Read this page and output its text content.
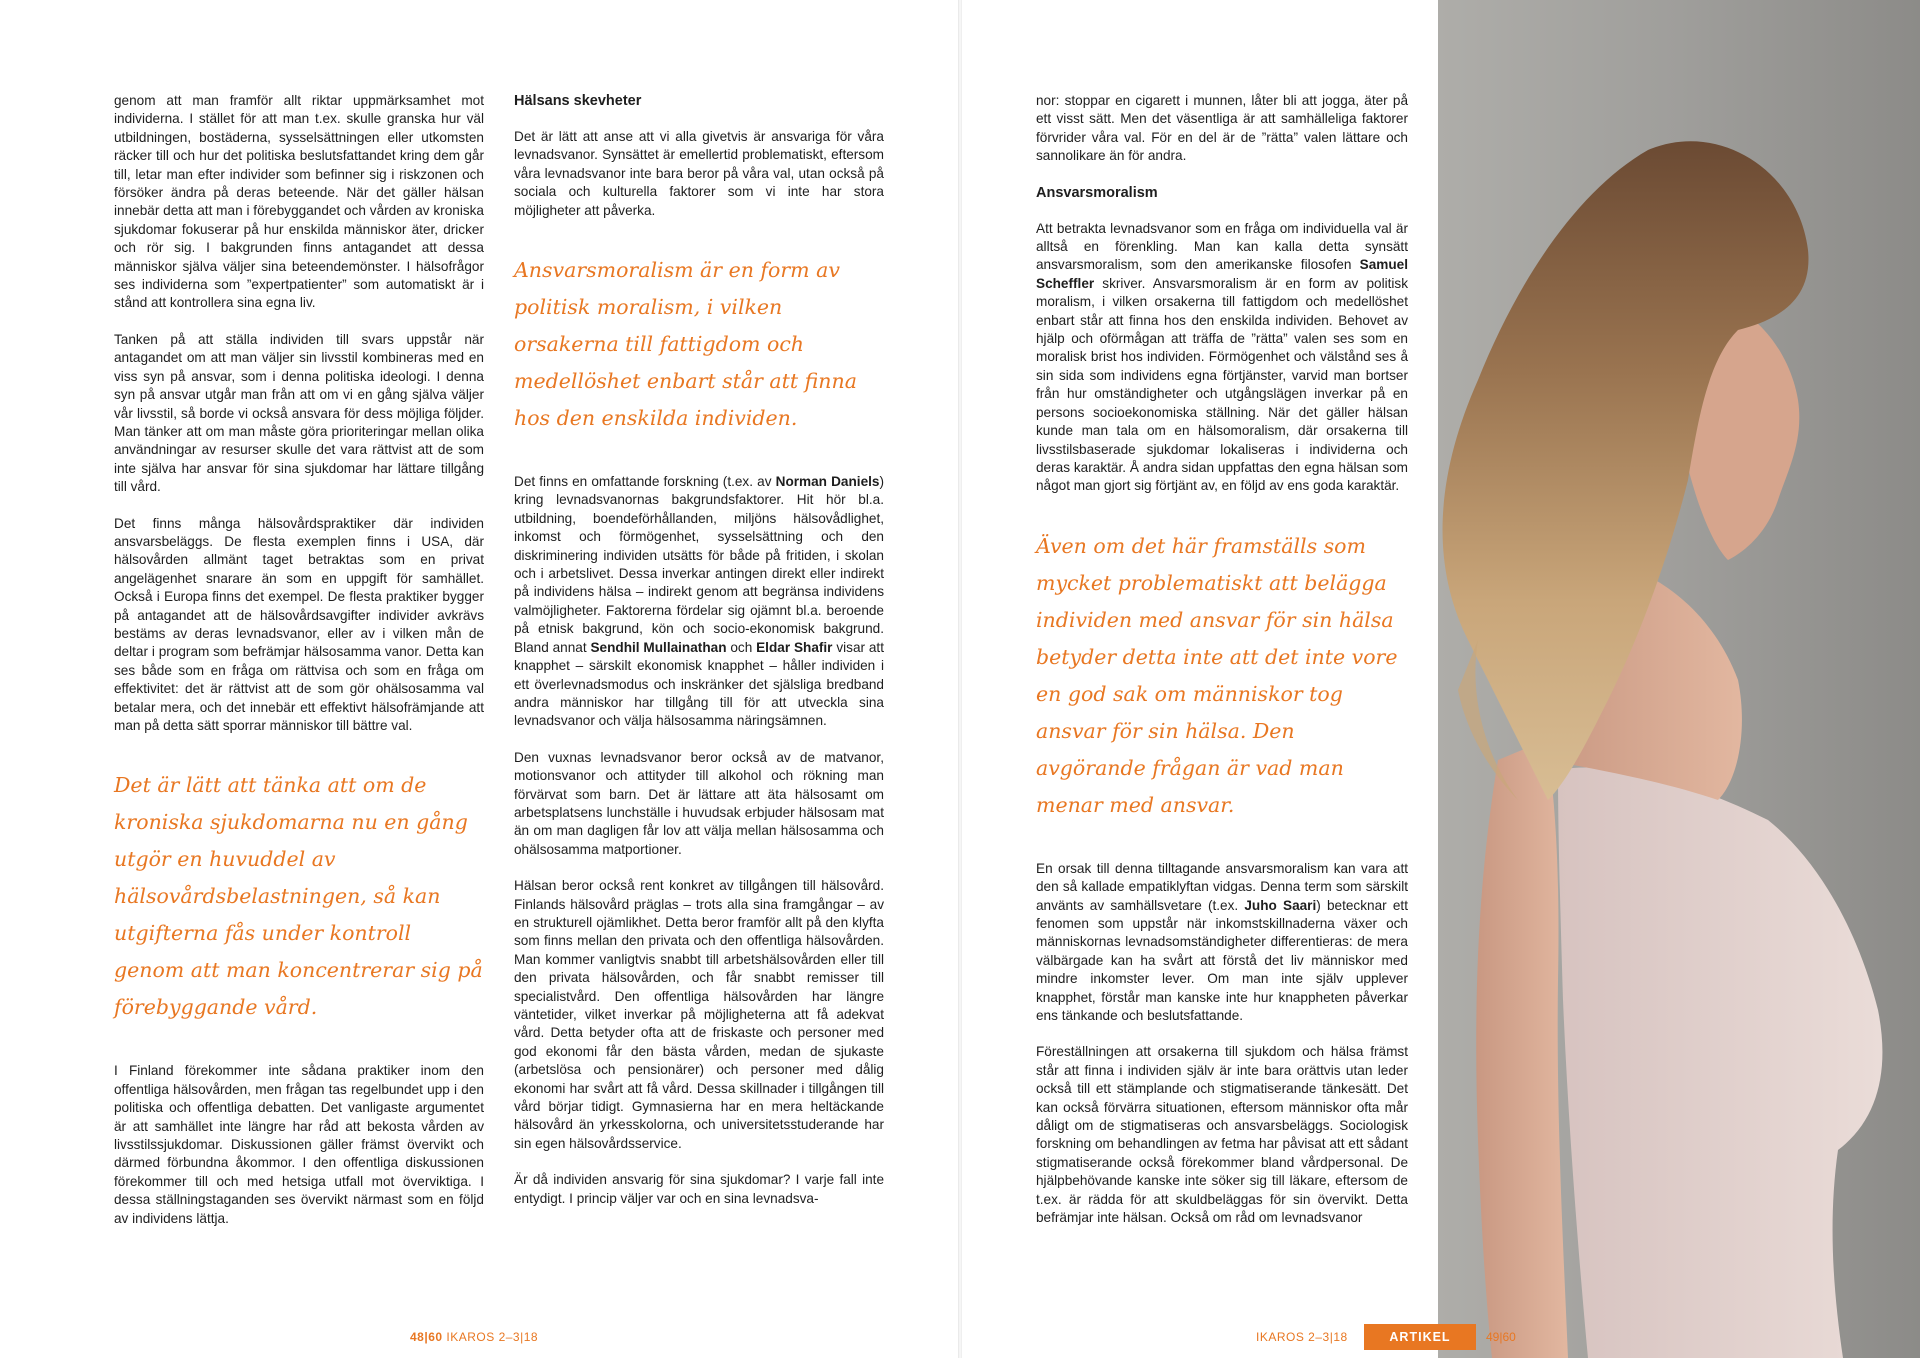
genom att man framför allt riktar uppmärksamhet mot individerna. I stället för att man t.ex. skulle granska hur väl utbildningen, bostäderna, sysselsättningen eller utkomsten räcker till och hur det politiska beslutsfattandet kring dem går till, letar man efter individer som befinner sig i riskzonen och försöker ändra på deras beteende. När det gäller hälsan innebär detta att man i förebyggandet och vården av kroniska sjukdomar fokuserar på hur enskilda människor äter, dricker och rör sig. I bakgrunden finns antagandet att dessa människor själva väljer sina beteendemönster. I hälsofrågor ses individerna som ”expertpatienter” som automatiskt är i stånd att kontrollera sina egna liv.

Tanken på att ställa individen till svars uppstår när antagandet om att man väljer sin livsstil kombineras med en viss syn på ansvar, som i denna politiska ideologi. I denna syn på ansvar utgår man från att om vi en gång själva väljer vår livsstil, så borde vi också ansvara för dess möjliga följder. Man tänker att om man måste göra prioriteringar mellan olika användningar av resurser skulle det vara rättvist att de som inte själva har ansvar för sina sjukdomar har lättare tillgång till vård.

Det finns många hälsovårdspraktiker där individen ansvarsbeläggs. De flesta exemplen finns i USA, där hälsovården allmänt taget betraktas som en privat angelägenhet snarare än som en uppgift för samhället. Också i Europa finns det exempel. De flesta praktiker bygger på antagandet att de hälsovårdsavgifter individer avkrävs bestäms av deras levnadsvanor, eller av i vilken mån de deltar i program som befrämjar hälsosamma vanor. Detta kan ses både som en fråga om rättvisa och som en fråga om effektivitet: det är rättvist att de som gör ohälsosamma val betalar mera, och det innebär ett effektivt hälsofrämjande att man på detta sätt sporrar människor till bättre val.

Det är lätt att tänka att om de kroniska sjukdomarna nu en gång utgör en huvuddel av hälsovårdsbelastningen, så kan utgifterna fås under kontroll genom att man koncentrerar sig på förebyggande vård.

I Finland förekommer inte sådana praktiker inom den offentliga hälsovården, men frågan tas regelbundet upp i den politiska och offentliga debatten. Det vanligaste argumentet är att samhället inte längre har råd att bekosta vården av livsstilssjukdomar. Diskussionen gäller främst övervikt och därmed förbundna åkommor. I den offentliga diskussionen förekommer till och med hetsiga utfall mot överviktiga. I dessa ställningstaganden ses övervikt närmast som en följd av individens lättja.

Hälsans skevheter

Det är lätt att anse att vi alla givetvis är ansvariga för våra levnadsvanor. Synsättet är emellertid problematiskt, eftersom våra levnadsvanor inte bara beror på våra val, utan också på sociala och kulturella faktorer som vi inte har stora möjligheter att påverka.

Ansvarsmoralism är en form av politisk moralism, i vilken orsakerna till fattigdom och medellöshet enbart står att finna hos den enskilda individen.

Det finns en omfattande forskning (t.ex. av Norman Daniels) kring levnadsvanornas bakgrundsfaktorer. Hit hör bl.a. utbildning, boendeförhållanden, miljöns hälsovådlighet, inkomst och förmögenhet, sysselsättning och den diskriminering individen utsätts för både på fritiden, i skolan och i arbetslivet. Dessa inverkar antingen direkt eller indirekt på individens hälsa – indirekt genom att begränsa individens valmöjligheter. Faktorerna fördelar sig ojämnt bl.a. beroende på etnisk bakgrund, kön och socio-ekonomisk bakgrund. Bland annat Sendhil Mullainathan och Eldar Shafir visar att knapphet – särskilt ekonomisk knapphet – håller individen i ett överlevnadsmodus och inskränker det själsliga bredband andra människor har tillgång till för att utveckla sina levnadsvanor och välja hälsosamma näringsämnen.

Den vuxnas levnadsvanor beror också av de matvanor, motionsvanor och attityder till alkohol och rökning man förvärvat som barn. Det är lättare att äta hälsosamt om arbetsplatsens lunchställe i huvudsak erbjuder hälsosam mat än om man dagligen får lov att välja mellan hälsosamma och ohälsosamma matportioner.

Hälsan beror också rent konkret av tillgången till hälsovård. Finlands hälsovård präglas – trots alla sina framgångar – av en strukturell ojämlikhet. Detta beror framför allt på den klyfta som finns mellan den privata och den offentliga hälsovården. Man kommer vanligtvis snabbt till arbetshälsovården eller till den privata hälsovården, och får snabbt remisser till specialistvård. Den offentliga hälsovården har längre väntetider, vilket inverkar på möjligheterna att få adekvat vård. Detta betyder ofta att de friskaste och personer med god ekonomi får den bästa vården, medan de sjukaste (arbetslösa och pensionärer) och personer med dålig ekonomi har svårt att få vård. Dessa skillnader i tillgången till vård börjar tidigt. Gymnasierna har en mera heltäckande hälsovård än yrkesskolorna, och universitetsstuderande har sin egen hälsovårdsservice.

Är då individen ansvarig för sina sjukdomar? I varje fall inte entydigt. I princip väljer var och en sina levnadsva-

nor: stoppar en cigarett i munnen, låter bli att jogga, äter på ett visst sätt. Men det väsentliga är att samhälleliga faktorer förvrider våra val. För en del är de ”rätta” valen lättare och sannolikare än för andra.

Ansvarsmoralism

Att betrakta levnadsvanor som en fråga om individuella val är alltså en förenkling. Man kan kalla detta synsätt ansvarsmoralism, som den amerikanske filosofen Samuel Scheffler skriver. Ansvarsmoralism är en form av politisk moralism, i vilken orsakerna till fattigdom och medellöshet enbart står att finna hos den enskilda individen. Behovet av hjälp och oförmågan att träffa de ”rätta” valen ses som en moralisk brist hos individen. Förmögenhet och välstånd ses å sin sida som individens egna förtjänster, varvid man bortser från hur omständigheter och utgångslägen inverkar på en persons socioekonomiska ställning. När det gäller hälsan kunde man tala om en hälsomoralism, där orsakerna till livsstilsbaserade sjukdomar lokaliseras i individerna och deras karaktär. Å andra sidan uppfattas den egna hälsan som något man gjort sig förtjänt av, en följd av ens goda karaktär.

Även om det här framställs som mycket problematiskt att belägga individen med ansvar för sin hälsa betyder detta inte att det inte vore en god sak om människor tog ansvar för sin hälsa. Den avgörande frågan är vad man menar med ansvar.

En orsak till denna tilltagande ansvarsmoralism kan vara att den så kallade empatiklyftan vidgas. Denna term som särskilt använts av samhällsvetare (t.ex. Juho Saari) betecknar ett fenomen som uppstår när inkomstskillnaderna växer och människornas levnadsomständigheter differentieras: de mera välbärgade kan ha svårt att förstå det liv människor med mindre inkomster lever. Om man inte själv upplever knapphet, förstår man kanske inte hur knappheten påverkar ens tänkande och beslutsfattande.

Föreställningen att orsakerna till sjukdom och hälsa främst står att finna i individen själv är inte bara orättvis utan leder också till ett stämplande och stigmatiserande tänkesätt. Det kan också förvärra situationen, eftersom människor ofta mår dåligt om de stigmatiseras och ansvarsbeläggs. Sociologisk forskning om behandlingen av fetma har påvisat att ett sådant stigmatiserande också förekommer bland vårdpersonal. De hjälpbehövande kanske inte söker sig till läkare, eftersom de t.ex. är rädda för att skuldbeläggas för sin övervikt. Detta befrämjar inte hälsan. Också om råd om levnadsvanor

48|60 IKAROS 2–3|18	IKAROS 2–3|18	ARTIKEL	49|60
